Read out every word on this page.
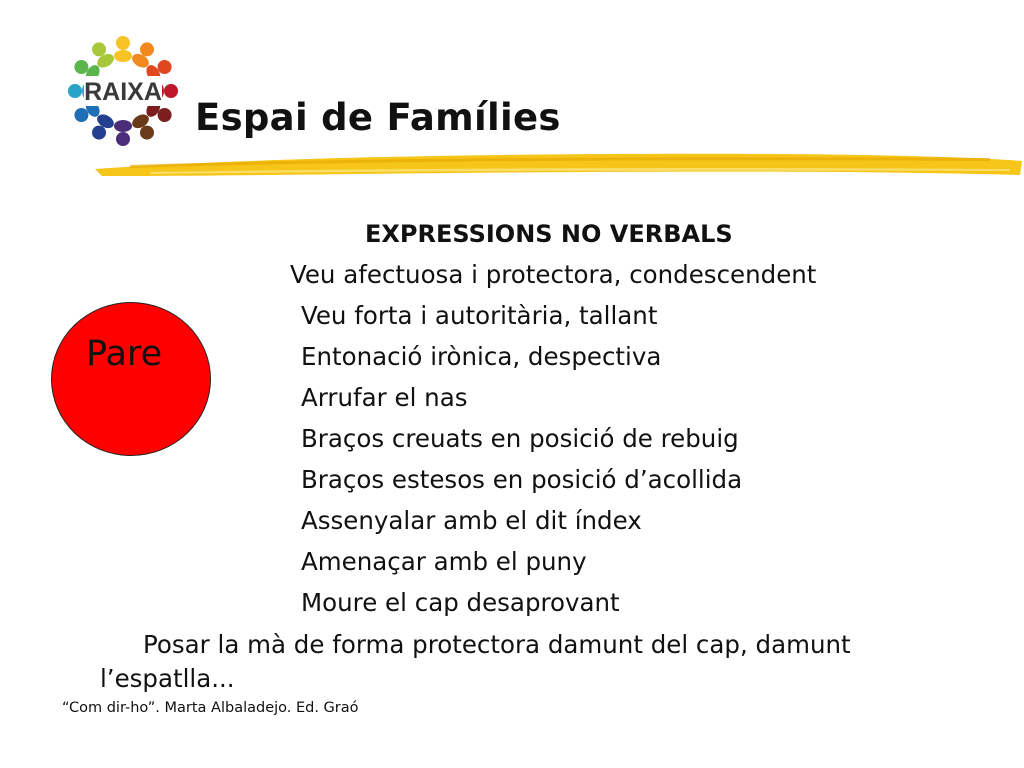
RAIXA
Espai de Famílies
Pare
EXPRESSIONS NO VERBALS
Veu afectuosa i protectora, condescendent
Veu forta i autoritària, tallant
Entonació irònica, despectiva
Arrufar el nas
Braços creuats en posició de rebuig
Braços estesos en posició d’acollida
Assenyalar amb el dit índex
Amenaçar amb el puny
Moure el cap desaprovant
Posar la mà de forma protectora damunt del cap, damunt l’espatlla...
“Com dir-ho”. Marta Albaladejo. Ed. Graó
